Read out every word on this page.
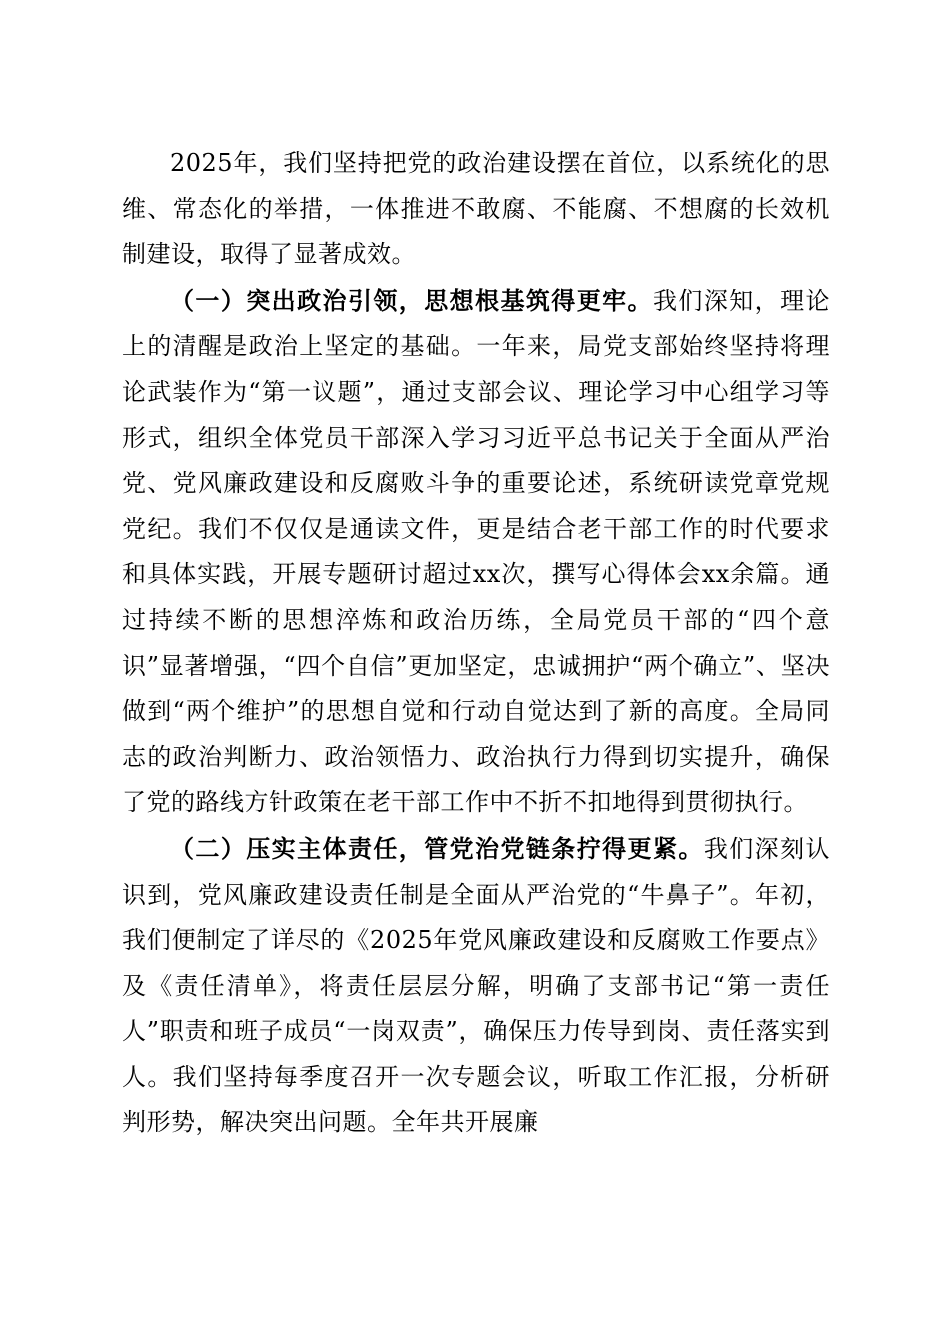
2025年，我们坚持把党的政治建设摆在首位，以系统化的思维、常态化的举措，一体推进不敢腐、不能腐、不想腐的长效机制建设，取得了显著成效。

（一）突出政治引领，思想根基筑得更牢。我们深知，理论上的清醒是政治上坚定的基础。一年来，局党支部始终坚持将理论武装作为“第一议题”，通过支部会议、理论学习中心组学习等形式，组织全体党员干部深入学习习近平总书记关于全面从严治党、党风廉政建设和反腐败斗争的重要论述，系统研读党章党规党纪。我们不仅仅是通读文件，更是结合老干部工作的时代要求和具体实践，开展专题研讨超过xx次，撰写心得体会xx余篇。通过持续不断的思想淬炼和政治历练，全局党员干部的“四个意识”显著增强，“四个自信”更加坚定，忠诚拥护“两个确立”、坚决做到“两个维护”的思想自觉和行动自觉达到了新的高度。全局同志的政治判断力、政治领悟力、政治执行力得到切实提升，确保了党的路线方针政策在老干部工作中不折不扣地得到贯彻执行。

（二）压实主体责任，管党治党链条拧得更紧。我们深刻认识到，党风廉政建设责任制是全面从严治党的“牛鼻子”。年初，我们便制定了详尽的《2025年党风廉政建设和反腐败工作要点》及《责任清单》，将责任层层分解，明确了支部书记“第一责任人”职责和班子成员“一岗双责”，确保压力传导到岗、责任落实到人。我们坚持每季度召开一次专题会议，听取工作汇报，分析研判形势，解决突出问题。全年共开展廉
